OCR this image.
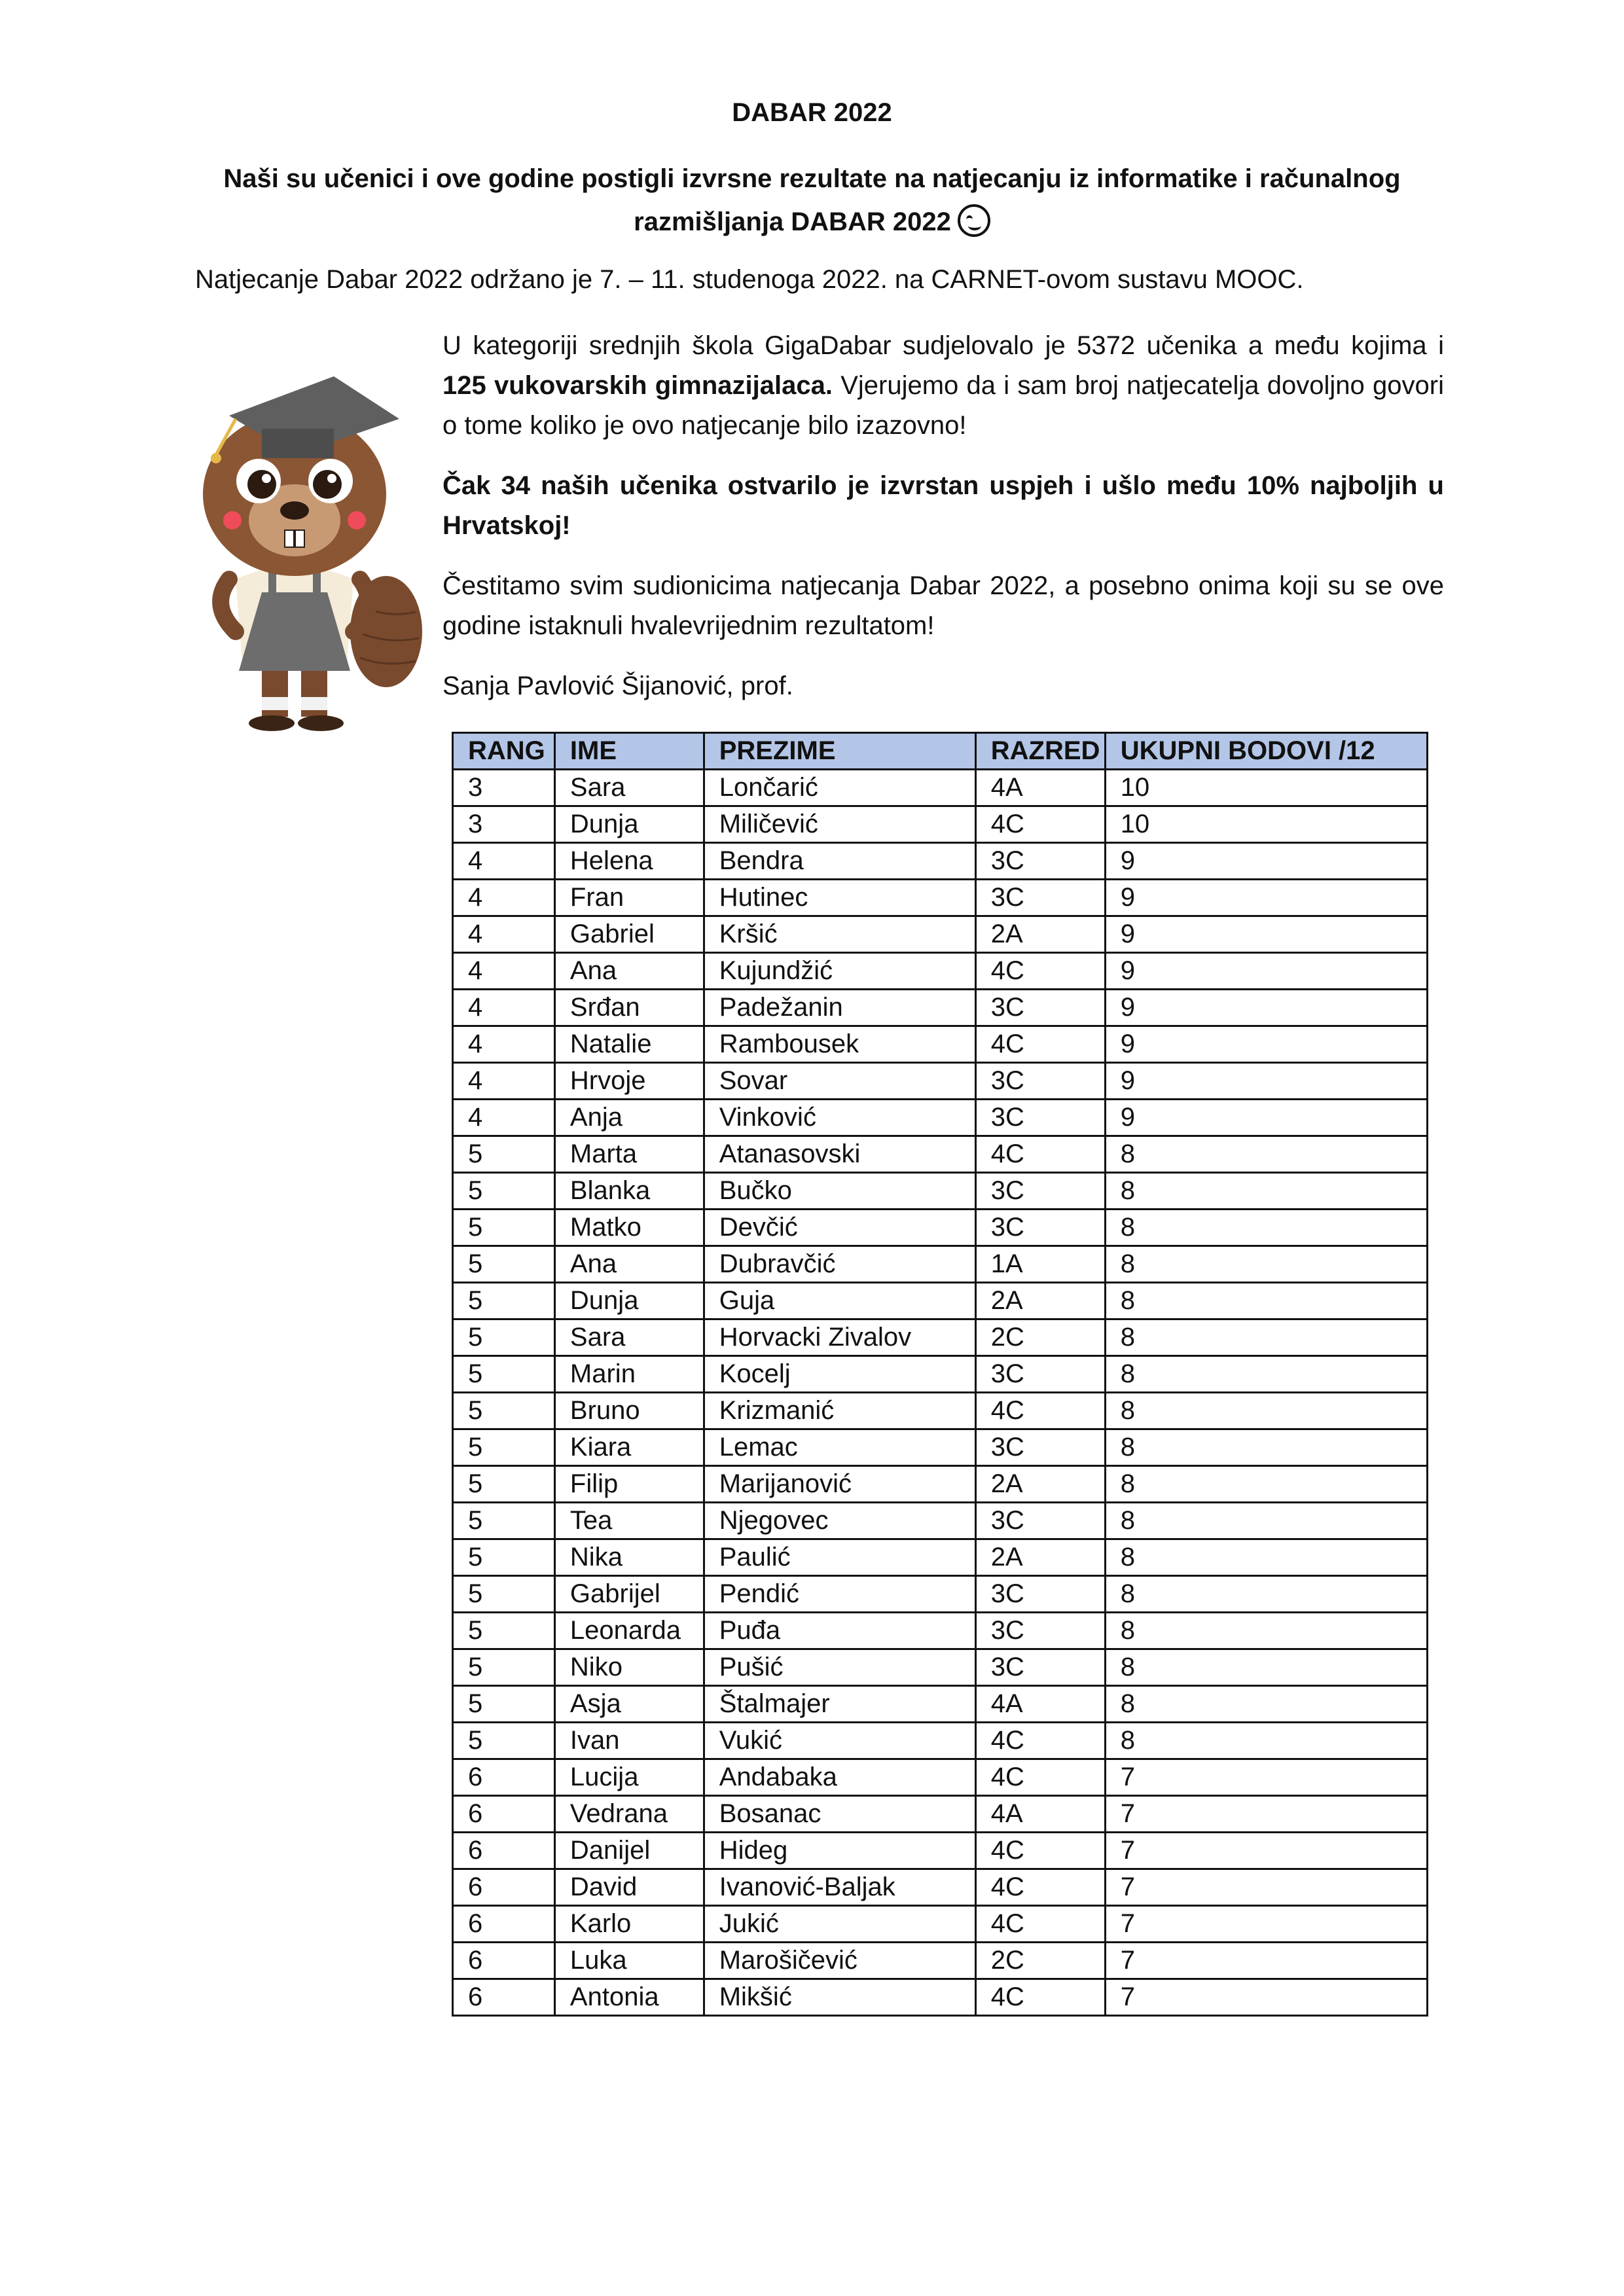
DABAR 2022
Naši su učenici i ove godine postigli izvrsne rezultate na natjecanju iz informatike i računalnog razmišljanja DABAR 2022
Natjecanje Dabar 2022 održano je 7. – 11. studenoga 2022. na CARNET-ovom sustavu MOOC.
U kategoriji srednjih škola GigaDabar sudjelovalo je 5372 učenika a među kojima i 125 vukovarskih gimnazijalaca. Vjerujemo da i sam broj natjecatelja dovoljno govori o tome koliko je ovo natjecanje bilo izazovno!
Čak 34 naših učenika ostvarilo je izvrstan uspjeh i ušlo među 10% najboljih u Hrvatskoj!
Čestitamo svim sudionicima natjecanja Dabar 2022, a posebno onima koji su se ove godine istaknuli hvalevrijednim rezultatom!
Sanja Pavlović Šijanović, prof.
RANG	IME	PREZIME	RAZRED	UKUPNI BODOVI /12
3	Sara	Lončarić	4A	10
3	Dunja	Miličević	4C	10
4	Helena	Bendra	3C	9
4	Fran	Hutinec	3C	9
4	Gabriel	Kršić	2A	9
4	Ana	Kujundžić	4C	9
4	Srđan	Padežanin	3C	9
4	Natalie	Rambousek	4C	9
4	Hrvoje	Sovar	3C	9
4	Anja	Vinković	3C	9
5	Marta	Atanasovski	4C	8
5	Blanka	Bučko	3C	8
5	Matko	Devčić	3C	8
5	Ana	Dubravčić	1A	8
5	Dunja	Guja	2A	8
5	Sara	Horvacki Zivalov	2C	8
5	Marin	Kocelj	3C	8
5	Bruno	Krizmanić	4C	8
5	Kiara	Lemac	3C	8
5	Filip	Marijanović	2A	8
5	Tea	Njegovec	3C	8
5	Nika	Paulić	2A	8
5	Gabrijel	Pendić	3C	8
5	Leonarda	Puđa	3C	8
5	Niko	Pušić	3C	8
5	Asja	Štalmajer	4A	8
5	Ivan	Vukić	4C	8
6	Lucija	Andabaka	4C	7
6	Vedrana	Bosanac	4A	7
6	Danijel	Hideg	4C	7
6	David	Ivanović-Baljak	4C	7
6	Karlo	Jukić	4C	7
6	Luka	Marošičević	2C	7
6	Antonia	Mikšić	4C	7
